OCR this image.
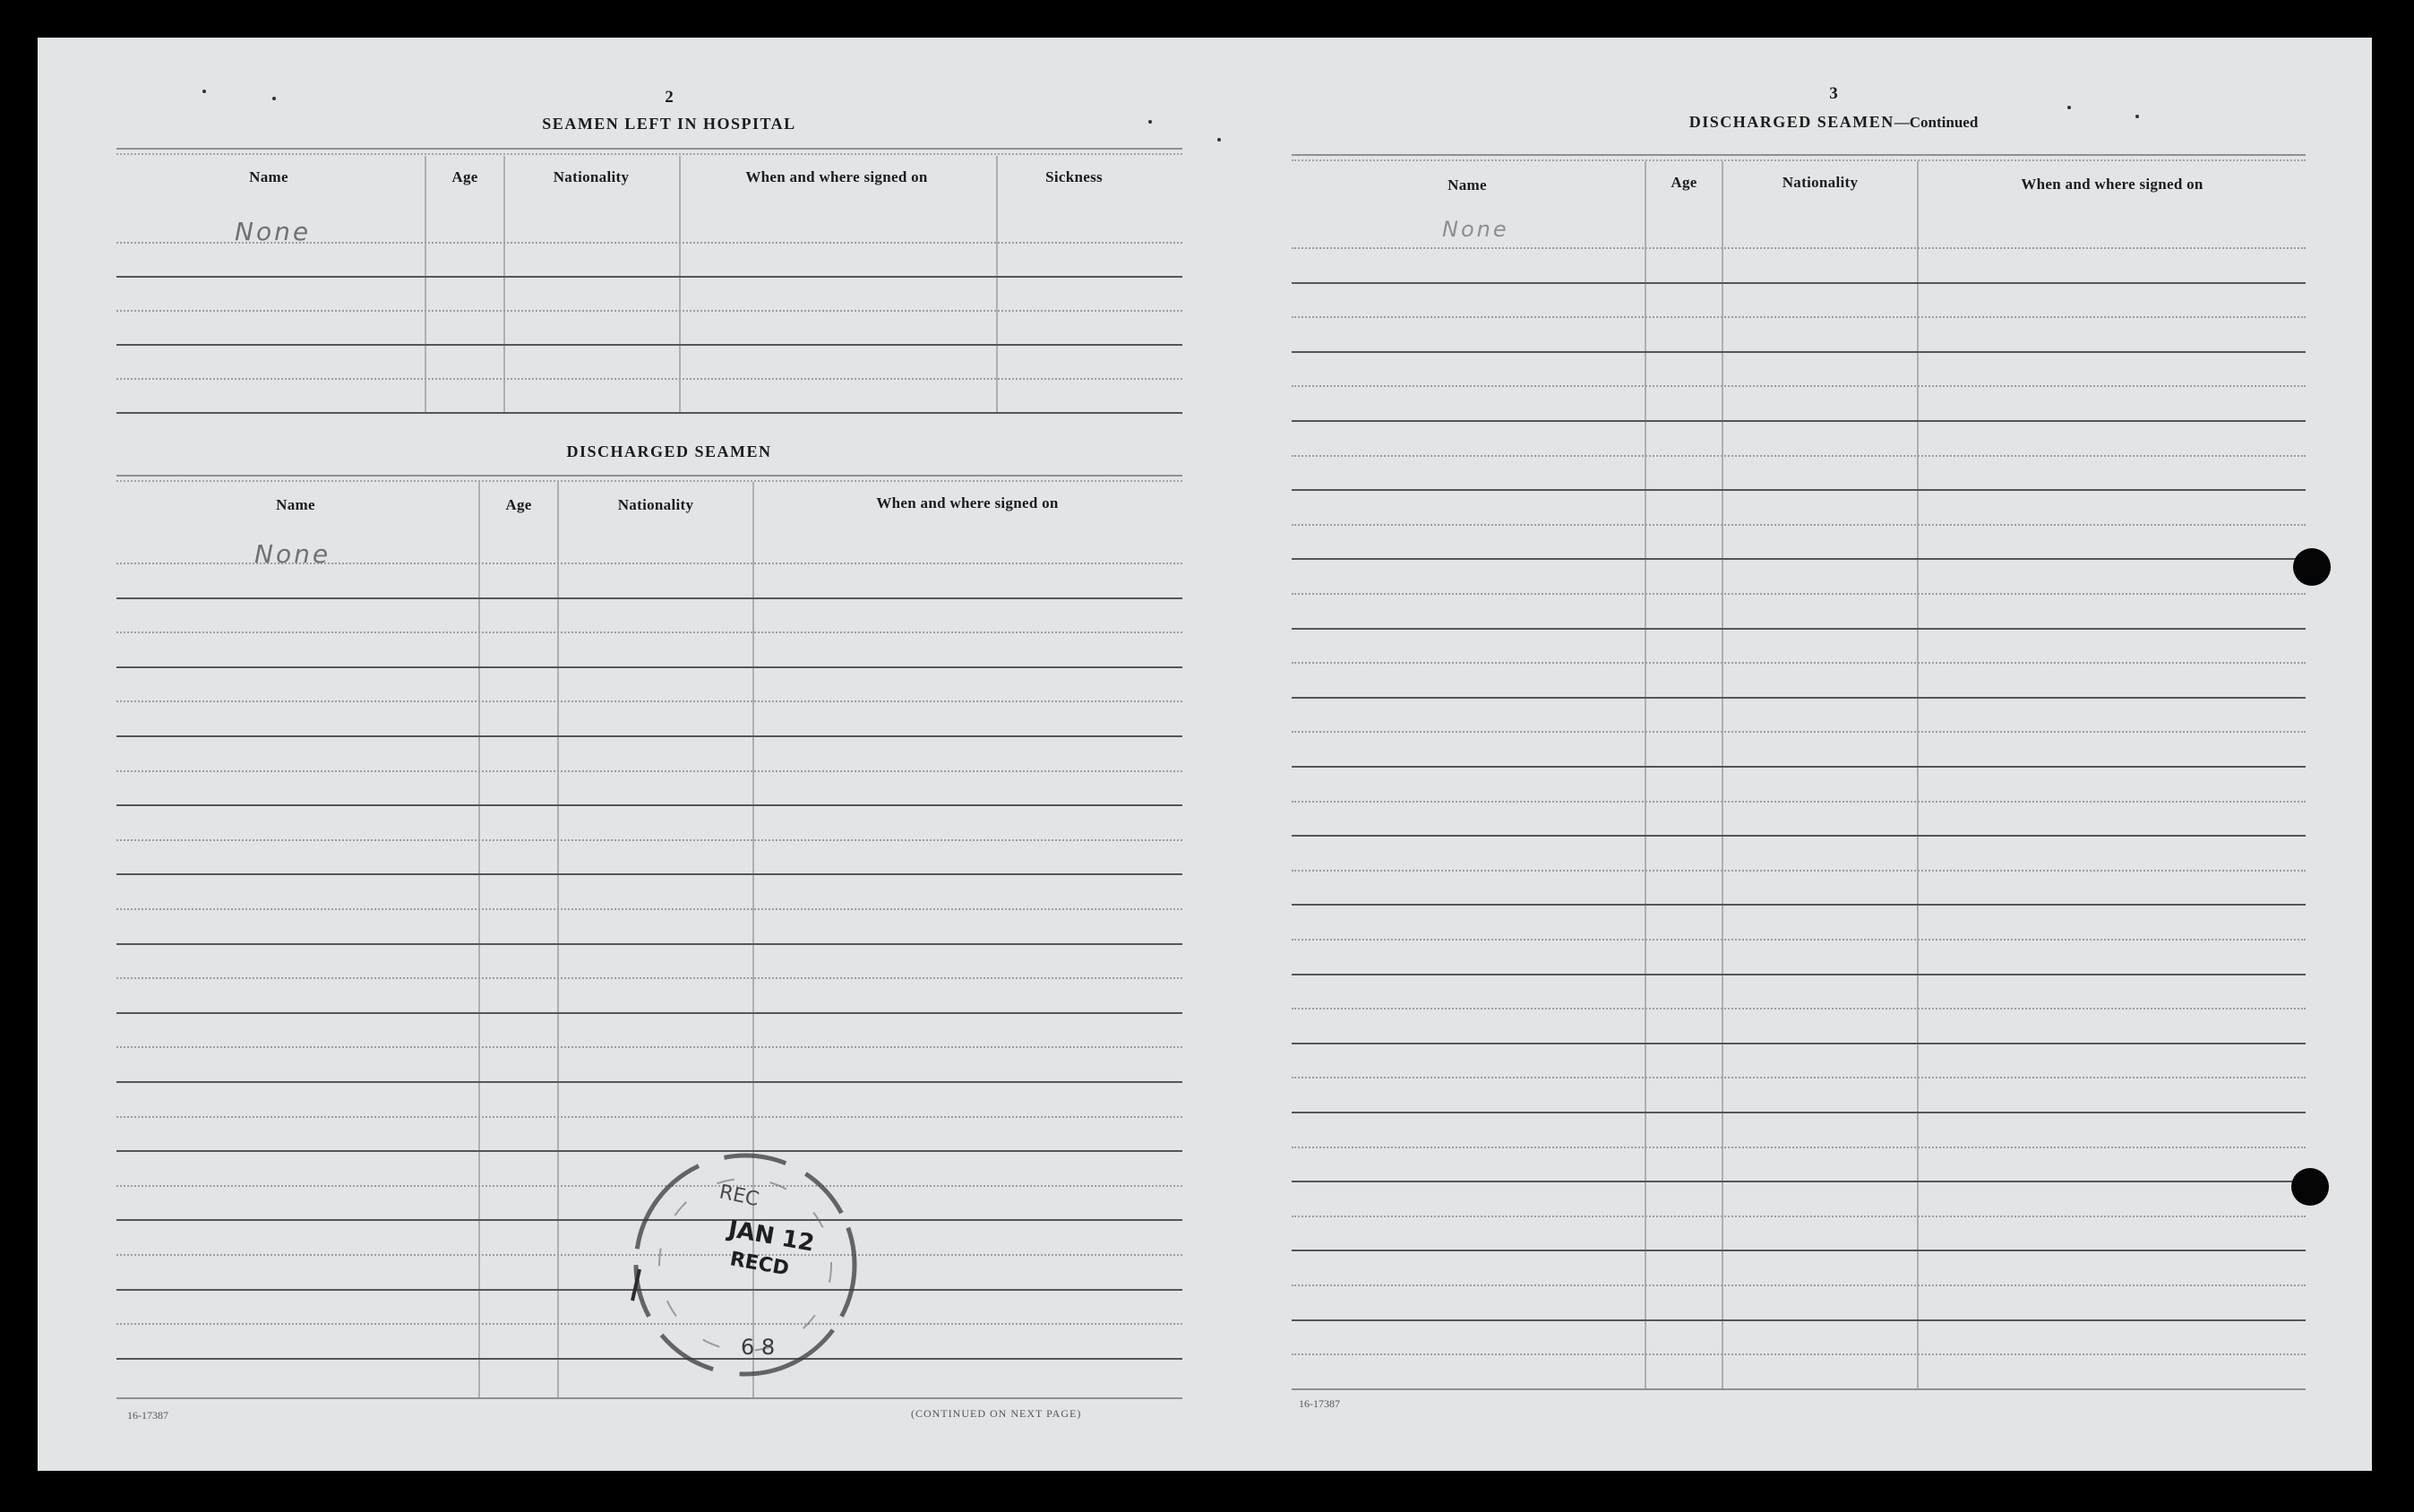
2
SEAMEN LEFT IN HOSPITAL
Name	Age	Nationality	When and where signed on	Sickness
None
DISCHARGED SEAMEN
Name	Age	Nationality	When and where signed on
None
REC
JAN 12
RECD
6 8
16-17387	(CONTINUED ON NEXT PAGE)
3
DISCHARGED SEAMEN—Continued
Name	Age	Nationality	When and where signed on
None
16-17387
